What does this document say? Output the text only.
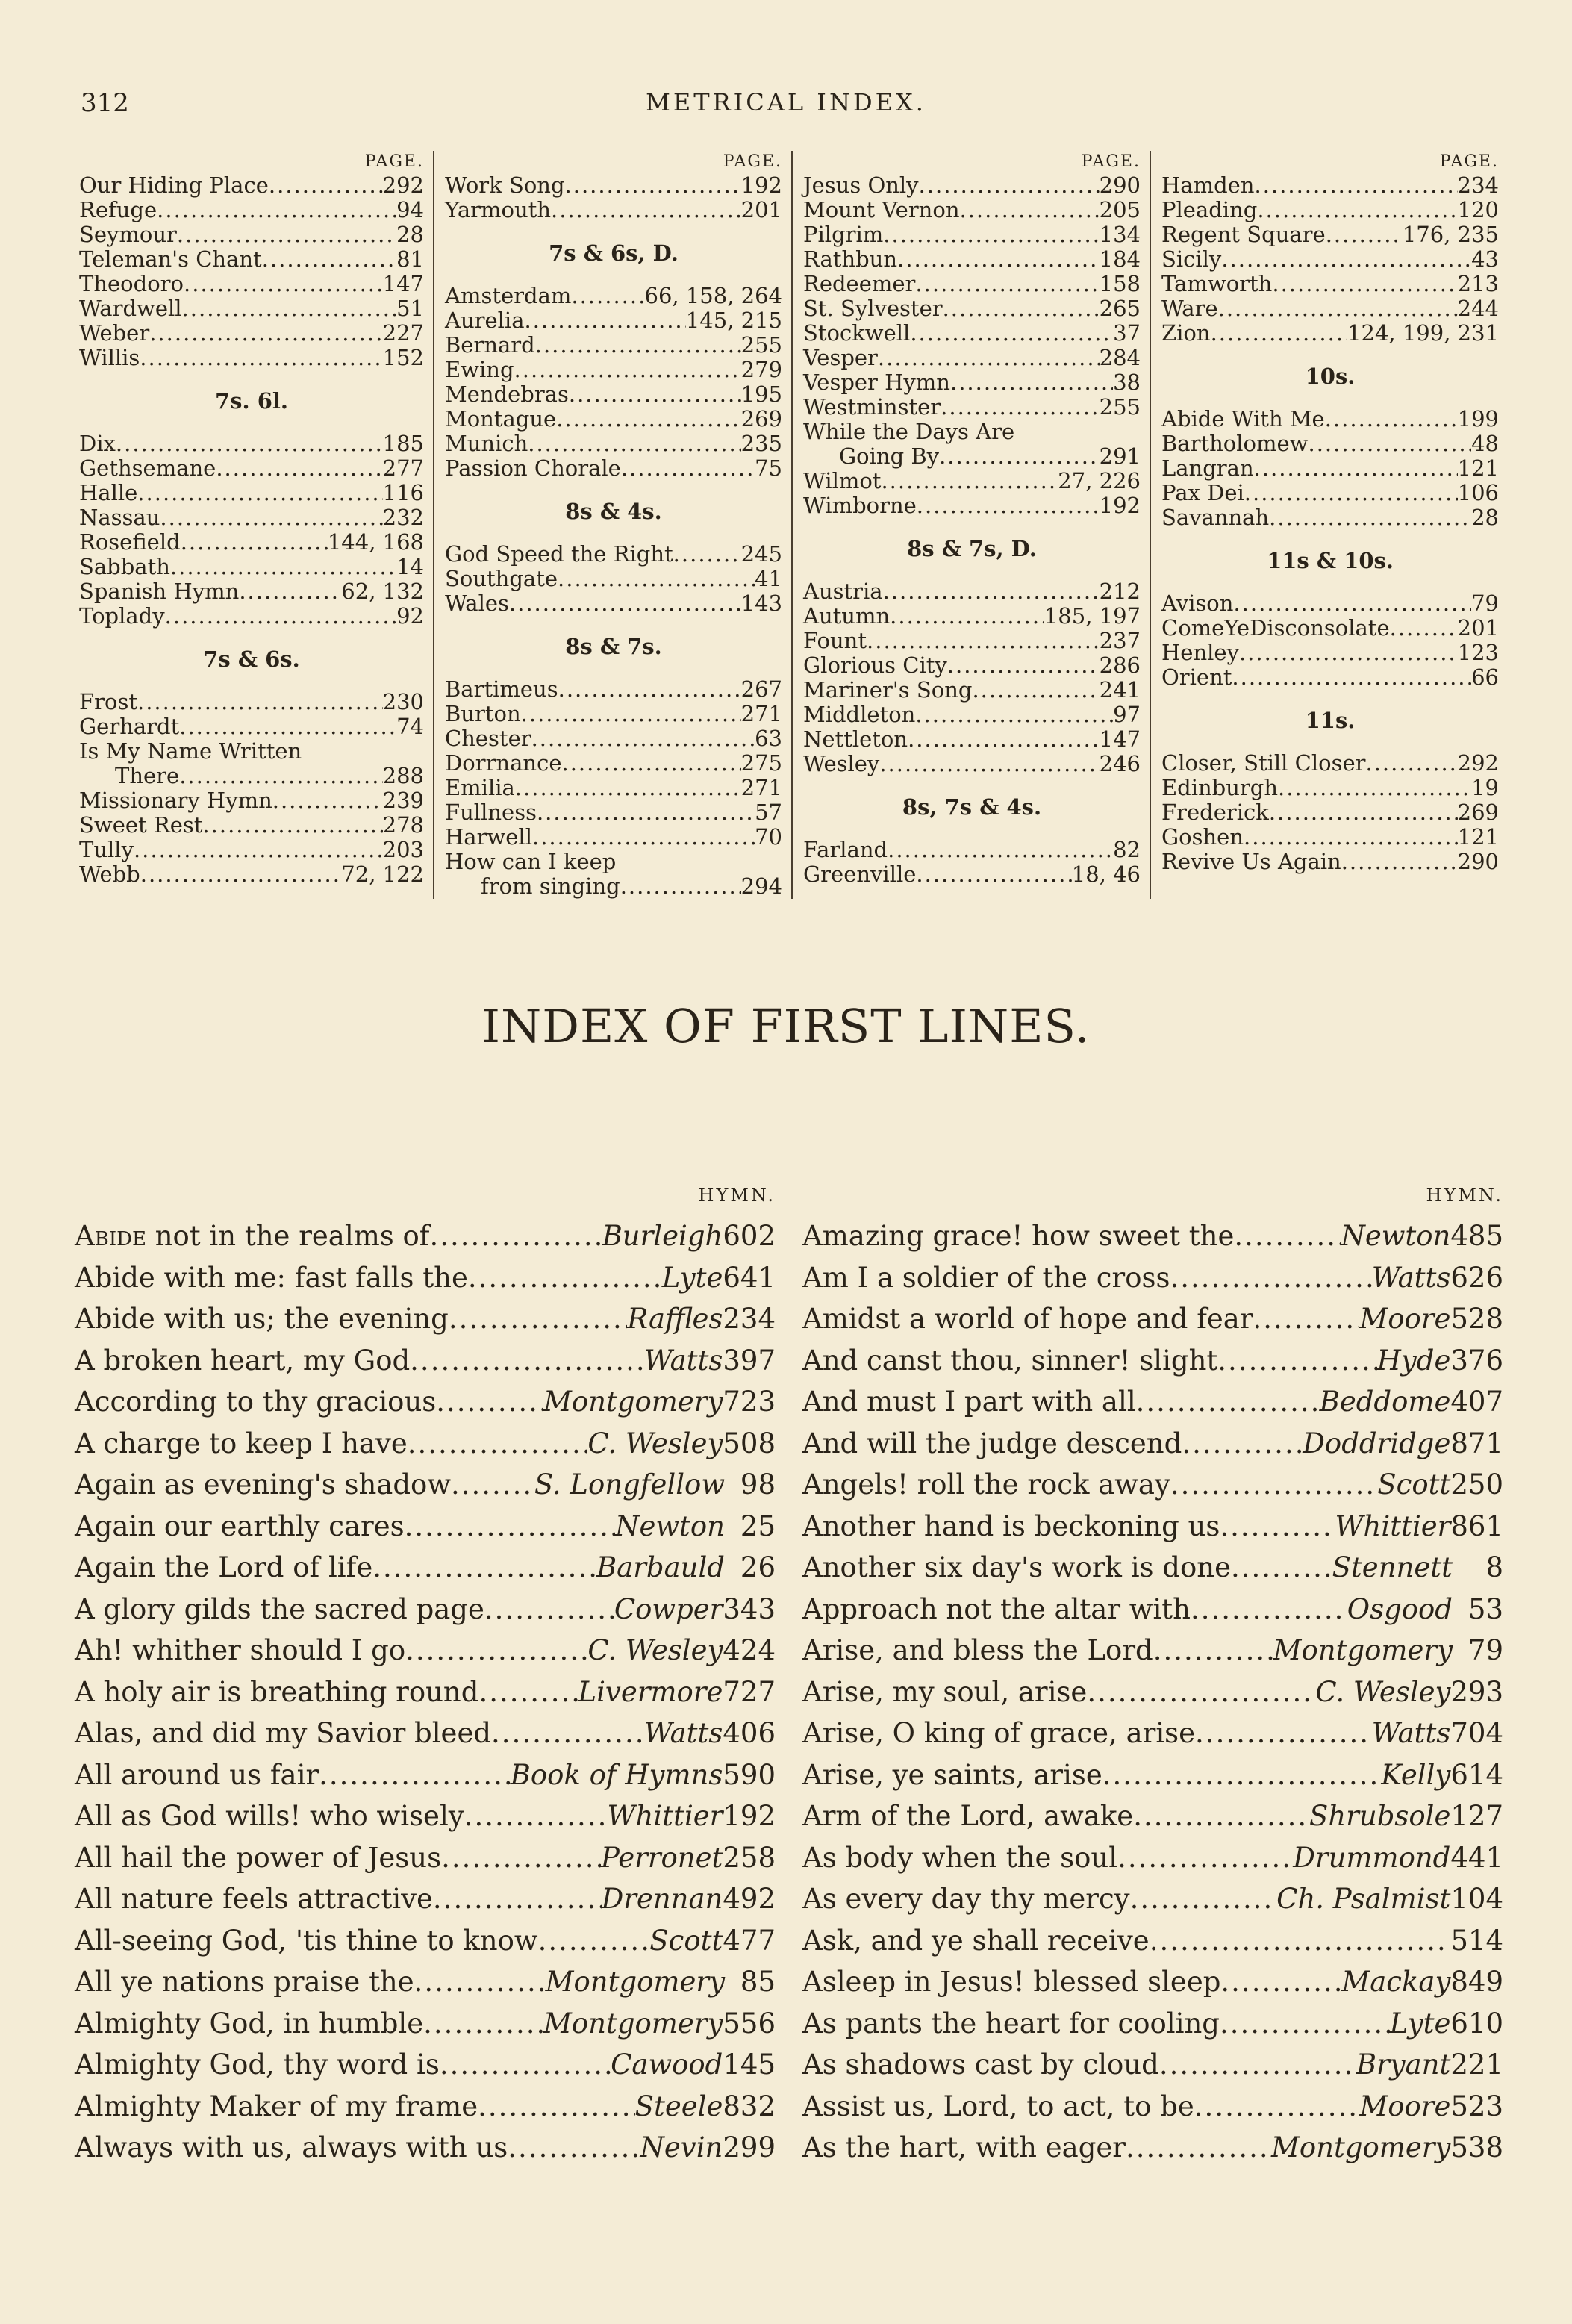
312	METRICAL INDEX.
PAGE.
Our Hiding Place .....	292
Refuge .....	94
Seymour .....	28
Teleman's Chant .....	81
Theodoro .....	147
Wardwell .....	51
Weber .....	227
Willis .....	152
7s. 6l.
Dix .....	185
Gethsemane .....	277
Halle .....	116
Nassau .....	232
Rosefield .....	144, 168
Sabbath .....	14
Spanish Hymn .....	62, 132
Toplady .....	92
7s & 6s.
Frost .....	230
Gerhardt .....	74
Is My Name Written
There .....	288
Missionary Hymn .....	239
Sweet Rest .....	278
Tully .....	203
Webb .....	72, 122
PAGE.
Work Song .....	192
Yarmouth .....	201
7s & 6s, D.
Amsterdam .....	66, 158, 264
Aurelia .....	145, 215
Bernard .....	255
Ewing .....	279
Mendebras .....	195
Montague .....	269
Munich .....	235
Passion Chorale .....	75
8s & 4s.
God Speed the Right .....	245
Southgate .....	41
Wales .....	143
8s & 7s.
Bartimeus .....	267
Burton .....	271
Chester .....	63
Dorrnance .....	275
Emilia .....	271
Fullness .....	57
Harwell .....	70
How can I keep
from singing .....	294
PAGE.
Jesus Only .....	290
Mount Vernon .....	205
Pilgrim .....	134
Rathbun .....	184
Redeemer .....	158
St. Sylvester .....	265
Stockwell .....	37
Vesper .....	284
Vesper Hymn .....	38
Westminster .....	255
While the Days Are
Going By .....	291
Wilmot .....	27, 226
Wimborne .....	192
8s & 7s, D.
Austria .....	212
Autumn .....	185, 197
Fount .....	237
Glorious City .....	286
Mariner's Song .....	241
Middleton .....	97
Nettleton .....	147
Wesley .....	246
8s, 7s & 4s.
Farland .....	82
Greenville .....	18, 46
PAGE.
Hamden .....	234
Pleading .....	120
Regent Square .....	176, 235
Sicily .....	43
Tamworth .....	213
Ware .....	244
Zion .....	124, 199, 231
10s.
Abide With Me .....	199
Bartholomew .....	48
Langran .....	121
Pax Dei .....	106
Savannah .....	28
11s & 10s.
Avison .....	79
ComeYeDisconsolate .....	201
Henley .....	123
Orient .....	66
11s.
Closer, Still Closer .....	292
Edinburgh .....	19
Frederick .....	269
Goshen .....	121
Revive Us Again .....	290
INDEX OF FIRST LINES.
HYMN.
Abide not in the realms of .....	Burleigh 602
Abide with me: fast falls the .....	Lyte 641
Abide with us; the evening .....	Raffles 234
A broken heart, my God .....	Watts 397
According to thy gracious .....	Montgomery 723
A charge to keep I have .....	C. Wesley 508
Again as evening's shadow .....	S. Longfellow 98
Again our earthly cares .....	Newton 25
Again the Lord of life .....	Barbauld 26
A glory gilds the sacred page .....	Cowper 343
Ah! whither should I go .....	C. Wesley 424
A holy air is breathing round .....	Livermore 727
Alas, and did my Savior bleed .....	Watts 406
All around us fair .....	Book of Hymns 590
All as God wills! who wisely .....	Whittier 192
All hail the power of Jesus .....	Perronet 258
All nature feels attractive .....	Drennan 492
All-seeing God, 'tis thine to know .....	Scott 477
All ye nations praise the .....	Montgomery 85
Almighty God, in humble .....	Montgomery 556
Almighty God, thy word is .....	Cawood 145
Almighty Maker of my frame .....	Steele 832
Always with us, always with us .....	Nevin 299
HYMN.
Amazing grace! how sweet the .....	Newton 485
Am I a soldier of the cross .....	Watts 626
Amidst a world of hope and fear .....	Moore 528
And canst thou, sinner! slight .....	Hyde 376
And must I part with all .....	Beddome 407
And will the judge descend .....	Doddridge 871
Angels! roll the rock away .....	Scott 250
Another hand is beckoning us .....	Whittier 861
Another six day's work is done .....	Stennett	8
Approach not the altar with .....	Osgood 53
Arise, and bless the Lord .....	Montgomery 79
Arise, my soul, arise .....	C. Wesley 293
Arise, O king of grace, arise .....	Watts 704
Arise, ye saints, arise .....	Kelly 614
Arm of the Lord, awake .....	Shrubsole 127
As body when the soul .....	Drummond 441
As every day thy mercy .....	Ch. Psalmist 104
Ask, and ye shall receive .....	514
Asleep in Jesus! blessed sleep .....	Mackay 849
As pants the heart for cooling .....	Lyte 610
As shadows cast by cloud .....	Bryant 221
Assist us, Lord, to act, to be .....	Moore 523
As the hart, with eager .....	Montgomery 538
